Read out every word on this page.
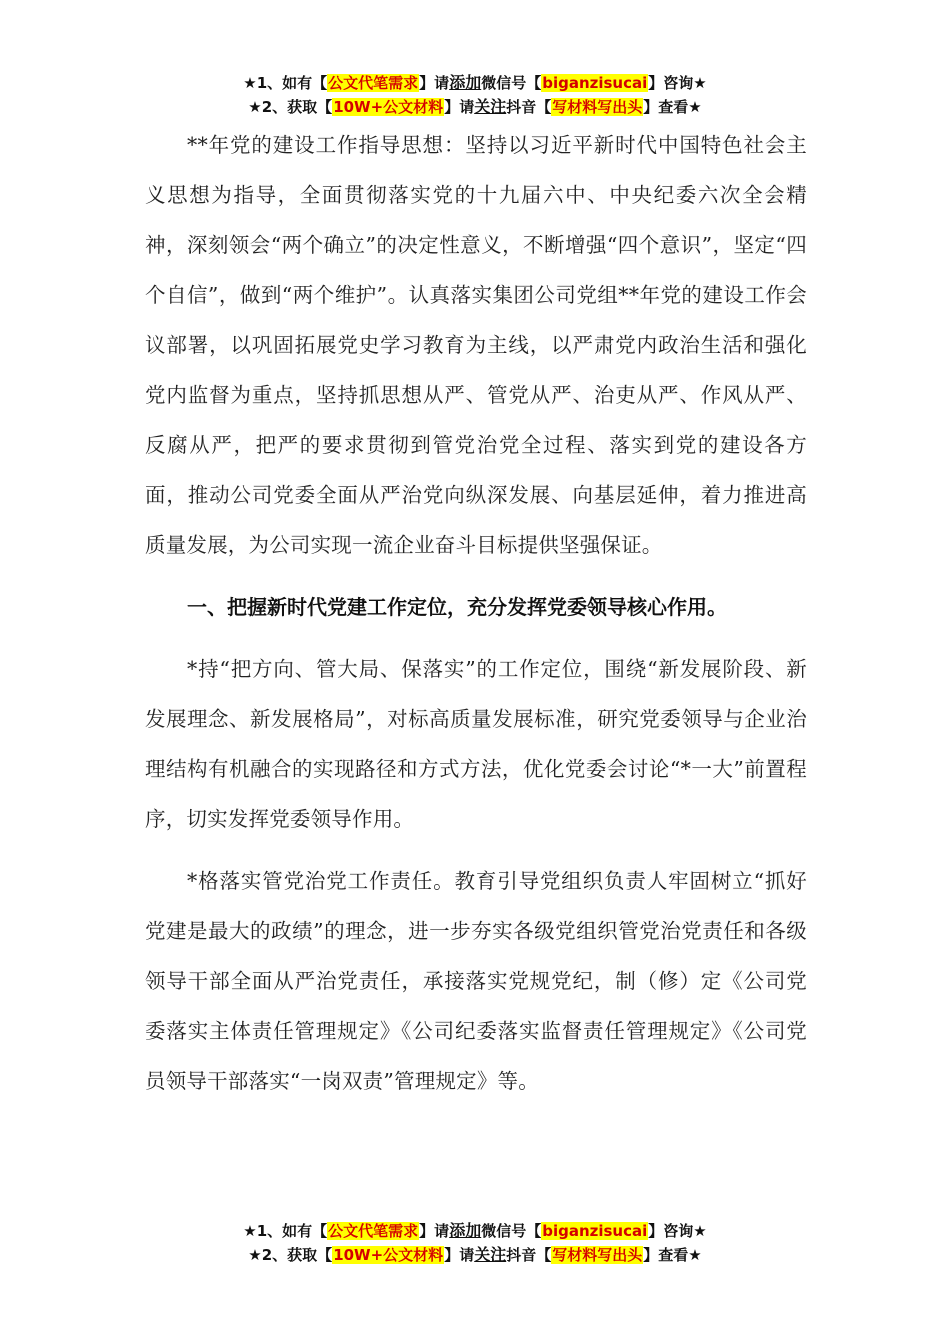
★1、如有【公文代笔需求】请添加微信号【biganzisucai】咨询★
★2、获取【10W+公文材料】请关注抖音【写材料写出头】查看★

**年党的建设工作指导思想：坚持以习近平新时代中国特色社会主义思想为指导，全面贯彻落实党的十九届六中、中央纪委六次全会精神，深刻领会“两个确立”的决定性意义，不断增强“四个意识”，坚定“四个自信”，做到“两个维护”。认真落实集团公司党组**年党的建设工作会议部署，以巩固拓展党史学习教育为主线，以严肃党内政治生活和强化党内监督为重点，坚持抓思想从严、管党从严、治吏从严、作风从严、反腐从严，把严的要求贯彻到管党治党全过程、落实到党的建设各方面，推动公司党委全面从严治党向纵深发展、向基层延伸，着力推进高质量发展，为公司实现一流企业奋斗目标提供坚强保证。

一、把握新时代党建工作定位，充分发挥党委领导核心作用。

*持“把方向、管大局、保落实”的工作定位，围绕“新发展阶段、新发展理念、新发展格局”，对标高质量发展标准，研究党委领导与企业治理结构有机融合的实现路径和方式方法，优化党委会讨论“*一大”前置程序，切实发挥党委领导作用。

*格落实管党治党工作责任。教育引导党组织负责人牢固树立“抓好党建是最大的政绩”的理念，进一步夯实各级党组织管党治党责任和各级领导干部全面从严治党责任，承接落实党规党纪，制（修）定《公司党委落实主体责任管理规定》《公司纪委落实监督责任管理规定》《公司党员领导干部落实“一岗双责”管理规定》等。

★1、如有【公文代笔需求】请添加微信号【biganzisucai】咨询★
★2、获取【10W+公文材料】请关注抖音【写材料写出头】查看★
